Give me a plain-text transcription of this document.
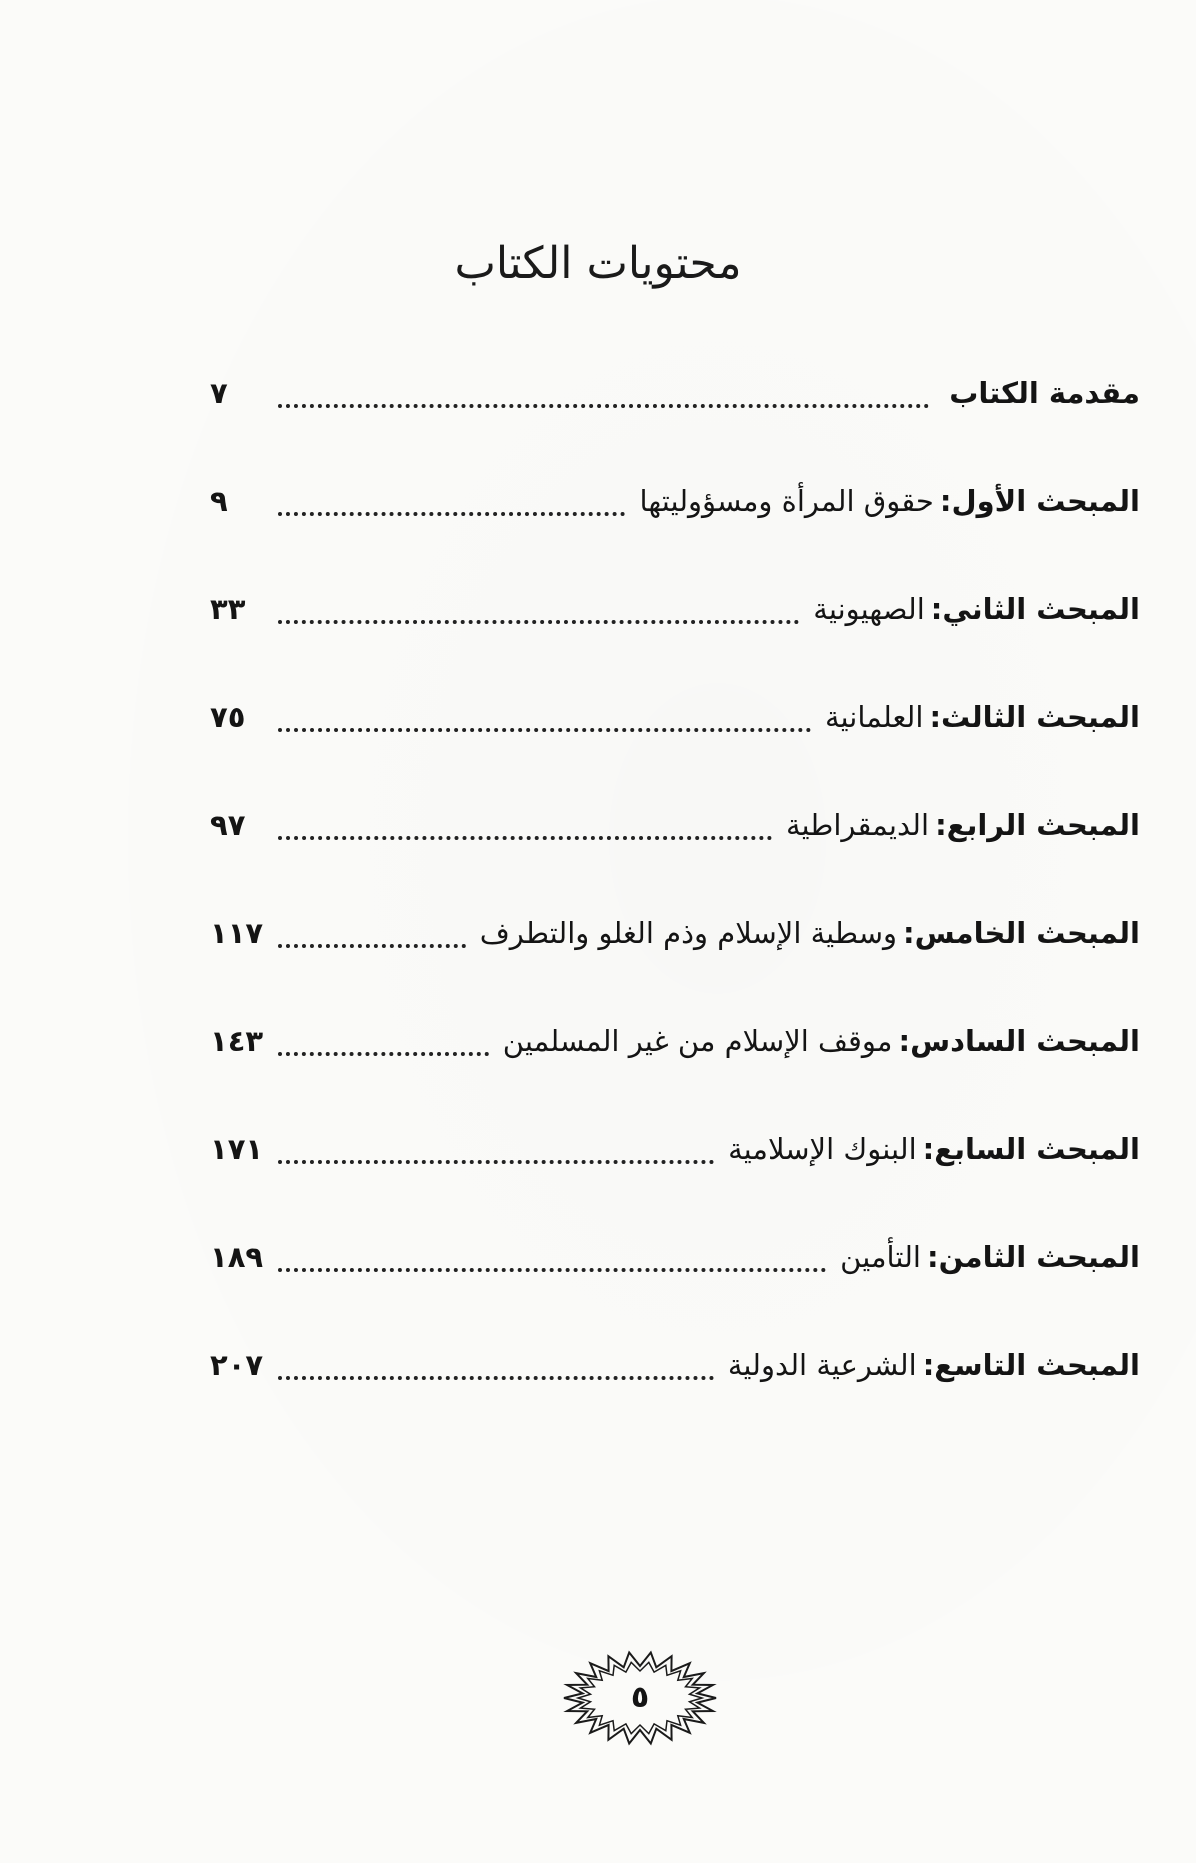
محتويات الكتاب
مقدمة الكتاب
٧
المبحث الأول:حقوق المرأة ومسؤوليتها
٩
المبحث الثاني:الصهيونية
٣٣
المبحث الثالث:العلمانية
٧٥
المبحث الرابع:الديمقراطية
٩٧
المبحث الخامس:وسطية الإسلام وذم الغلو والتطرف
١١٧
المبحث السادس:موقف الإسلام من غير المسلمين
١٤٣
المبحث السابع:البنوك الإسلامية
١٧١
المبحث الثامن:التأمين
١٨٩
المبحث التاسع:الشرعية الدولية
٢٠٧
٥
